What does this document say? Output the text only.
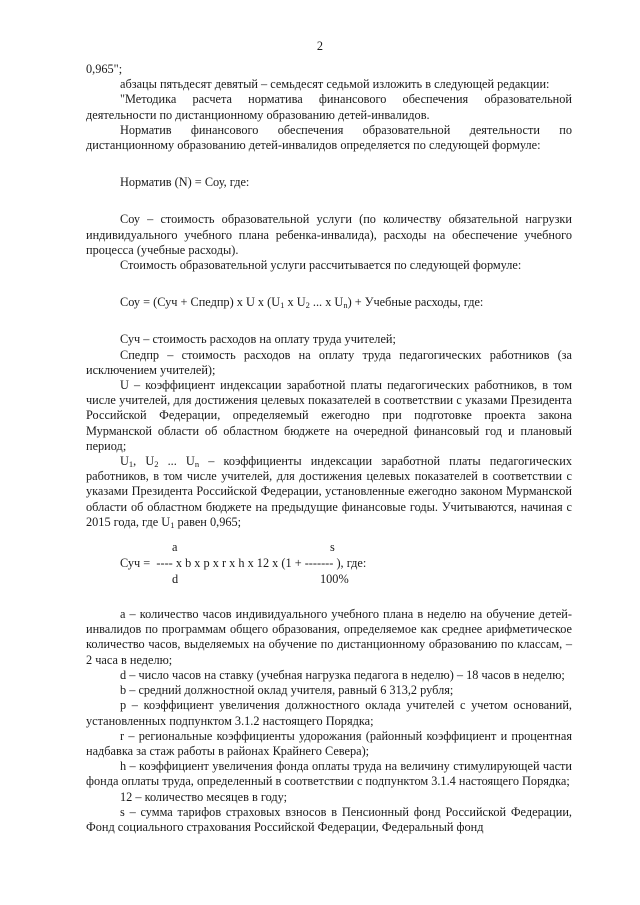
2

0,965";

абзацы пятьдесят девятый – семьдесят седьмой изложить в следующей редакции:

"Методика расчета норматива финансового обеспечения образовательной деятельности по дистанционному образованию детей-инвалидов.

Норматив финансового обеспечения образовательной деятельности по дистанционному образованию детей-инвалидов определяется по следующей формуле:

Норматив (N) = Соу, где:

Соу – стоимость образовательной услуги (по количеству обязательной нагрузки индивидуального учебного плана ребенка-инвалида), расходы на обеспечение учебного процесса (учебные расходы).

Стоимость образовательной услуги рассчитывается по следующей формуле:

Соу = (Суч + Спедпр) x U x ($U_1$ x $U_2$ ... x $U_n$) + Учебные расходы, где:

Суч – стоимость расходов на оплату труда учителей;

Спедпр – стоимость расходов на оплату труда педагогических работников (за исключением учителей);

U – коэффициент индексации заработной платы педагогических работников, в том числе учителей, для достижения целевых показателей в соответствии с указами Президента Российской Федерации, определяемый ежегодно при подготовке проекта закона Мурманской области об областном бюджете на очередной финансовый год и плановый период;

$U_1$, $U_2$ ... $U_n$ – коэффициенты индексации заработной платы педагогических работников, в том числе учителей, для достижения целевых показателей в соответствии с указами Президента Российской Федерации, установленные ежегодно законом Мурманской области об областном бюджете на предыдущие финансовые годы. Учитываются, начиная с 2015 года, где $U_1$ равен 0,965;

a	s
Суч =  ---- x b x p x r x h x 12 x (1 + ------- ), где:
d	100%

a – количество часов индивидуального учебного плана в неделю на обучение детей-инвалидов по программам общего образования, определяемое как среднее арифметическое количество часов, выделяемых на обучение по дистанционному образованию по классам, – 2 часа в неделю;

d – число часов на ставку (учебная нагрузка педагога в неделю) – 18 часов в неделю;

b – средний должностной оклад учителя, равный 6 313,2 рубля;

p – коэффициент увеличения должностного оклада учителей с учетом оснований, установленных подпунктом 3.1.2 настоящего Порядка;

r – региональные коэффициенты удорожания (районный коэффициент и процентная надбавка за стаж работы в районах Крайнего Севера);

h – коэффициент увеличения фонда оплаты труда на величину стимулирующей части фонда оплаты труда, определенный в соответствии с подпунктом 3.1.4 настоящего Порядка;

12 – количество месяцев в году;

s – сумма тарифов страховых взносов в Пенсионный фонд Российской Федерации, Фонд социального страхования Российской Федерации, Федеральный фонд
